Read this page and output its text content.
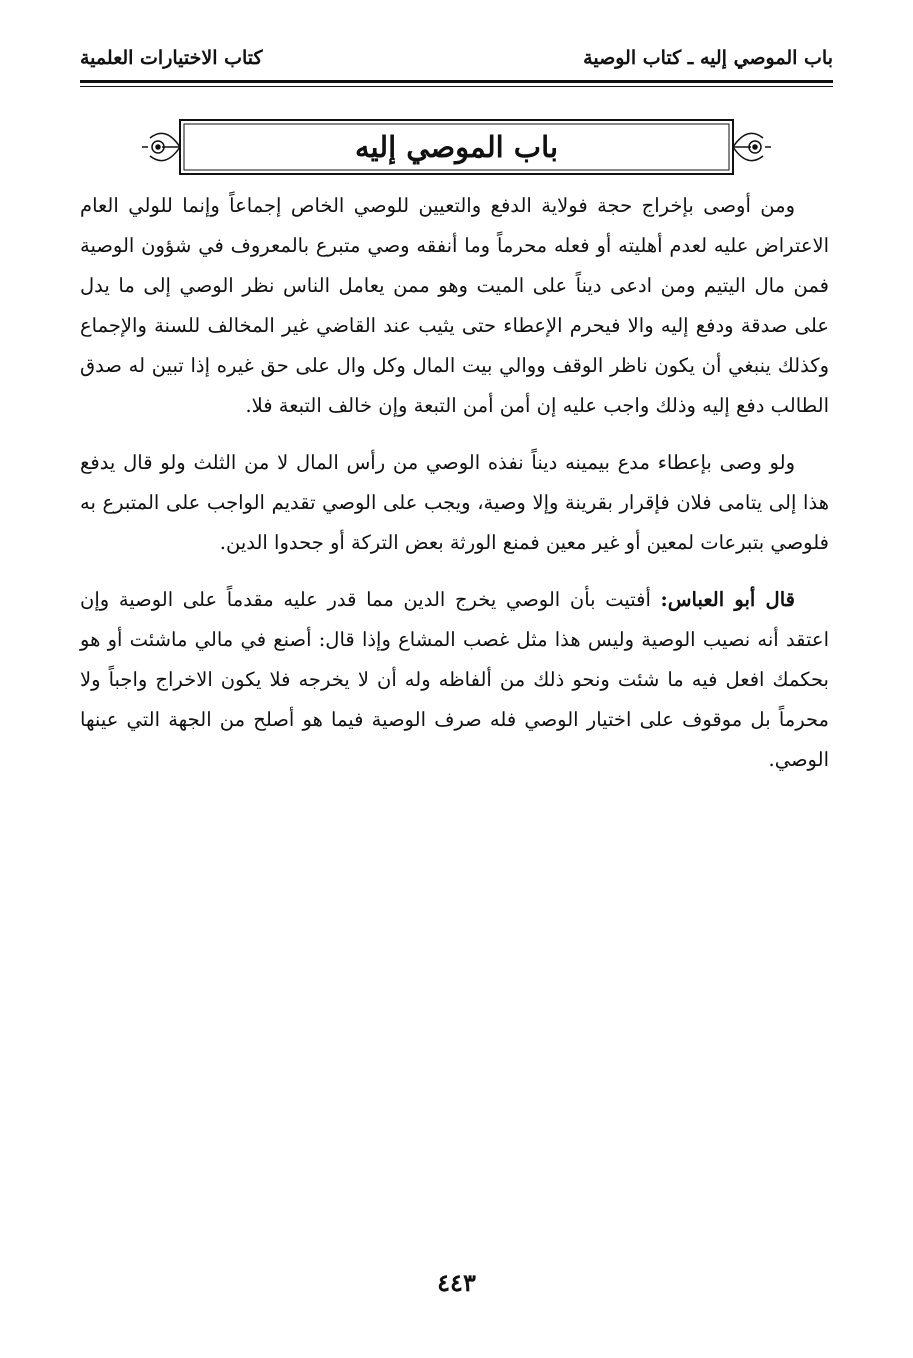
باب الموصي إليه ـ كتاب الوصية
كتاب الاختيارات العلمية
باب الموصي إليه

ومن أوصى بإخراج حجة فولاية الدفع والتعيين للوصي الخاص إجماعاً وإنما للولي العام الاعتراض عليه لعدم أهليته أو فعله محرماً وما أنفقه وصي متبرع بالمعروف في شؤون الوصية فمن مال اليتيم ومن ادعى ديناً على الميت وهو ممن يعامل الناس نظر الوصي إلى ما يدل على صدقة ودفع إليه والا فيحرم الإعطاء حتى يثيب عند القاضي غير المخالف للسنة والإجماع وكذلك ينبغي أن يكون ناظر الوقف ووالي بيت المال وكل وال على حق غيره إذا تبين له صدق الطالب دفع إليه وذلك واجب عليه إن أمن أمن التبعة وإن خالف التبعة فلا.

ولو وصى بإعطاء مدع بيمينه ديناً نفذه الوصي من رأس المال لا من الثلث ولو قال يدفع هذا إلى يتامى فلان فإقرار بقرينة وإلا وصية، ويجب على الوصي تقديم الواجب على المتبرع به فلوصي بتبرعات لمعين أو غير معين فمنع الورثة بعض التركة أو جحدوا الدين.

قال أبو العباس: أفتيت بأن الوصي يخرج الدين مما قدر عليه مقدماً على الوصية وإن اعتقد أنه نصيب الوصية وليس هذا مثل غصب المشاع وإذا قال: أصنع في مالي ماشئت أو هو بحكمك افعل فيه ما شئت ونحو ذلك من ألفاظه وله أن لا يخرجه فلا يكون الاخراج واجباً ولا محرماً بل موقوف على اختيار الوصي فله صرف الوصية فيما هو أصلح من الجهة التي عينها الوصي.

٤٤٣
